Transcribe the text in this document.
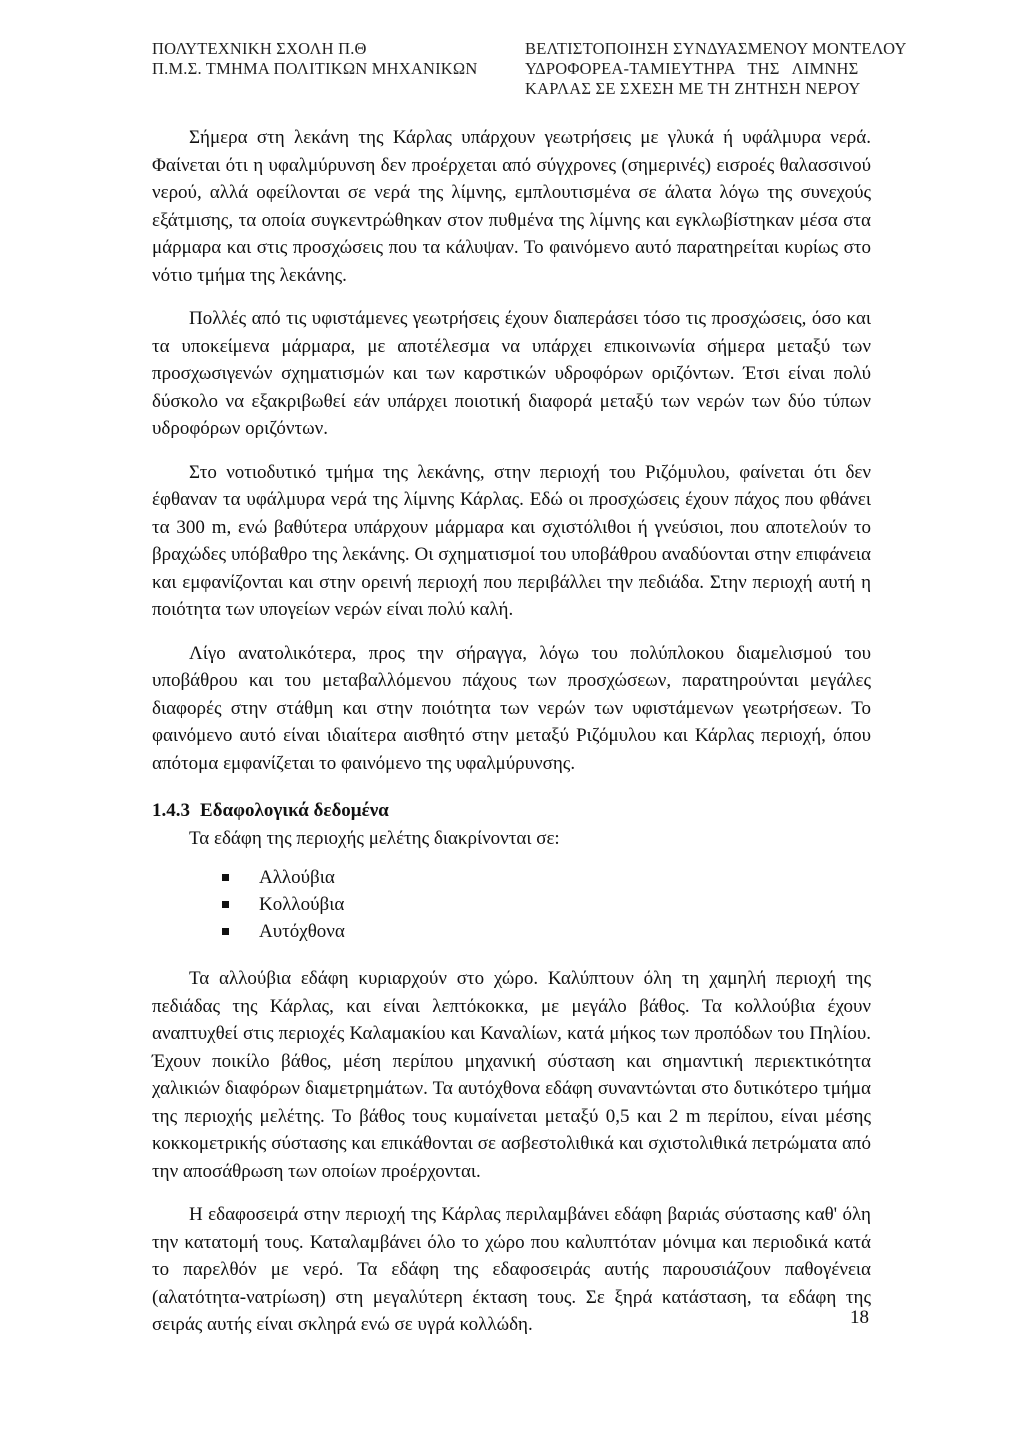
ΠΟΛΥΤΕΧΝΙΚΗ ΣΧΟΛΗ Π.Θ
Π.Μ.Σ. ΤΜΗΜΑ ΠΟΛΙΤΙΚΩΝ ΜΗΧΑΝΙΚΩΝ
ΒΕΛΤΙΣΤΟΠΟΙΗΣΗ ΣΥΝΔΥΑΣΜΕΝΟΥ ΜΟΝΤΕΛΟΥ
ΥΔΡΟΦΟΡΕΑ-ΤΑΜΙΕΥΤΗΡΑ   ΤΗΣ   ΛΙΜΝΗΣ
ΚΑΡΛΑΣ ΣΕ ΣΧΕΣΗ ΜΕ ΤΗ ΖΗΤΗΣΗ ΝΕΡΟΥ

Σήμερα στη λεκάνη της Κάρλας υπάρχουν γεωτρήσεις με γλυκά ή υφάλμυρα νερά. Φαίνεται ότι η υφαλμύρυνση δεν προέρχεται από σύγχρονες (σημερινές) εισροές θαλασσινού νερού, αλλά οφείλονται σε νερά της λίμνης, εμπλουτισμένα σε άλατα λόγω της συνεχούς εξάτμισης, τα οποία συγκεντρώθηκαν στον πυθμένα της λίμνης και εγκλωβίστηκαν μέσα στα μάρμαρα και στις προσχώσεις που τα κάλυψαν. Το φαινόμενο αυτό παρατηρείται κυρίως στο νότιο τμήμα της λεκάνης.

Πολλές από τις υφιστάμενες γεωτρήσεις έχουν διαπεράσει τόσο τις προσχώσεις, όσο και τα υποκείμενα μάρμαρα, με αποτέλεσμα να υπάρχει επικοινωνία σήμερα μεταξύ των προσχωσιγενών σχηματισμών και των καρστικών υδροφόρων οριζόντων. Έτσι είναι πολύ δύσκολο να εξακριβωθεί εάν υπάρχει ποιοτική διαφορά μεταξύ των νερών των δύο τύπων υδροφόρων οριζόντων.

Στο νοτιοδυτικό τμήμα της λεκάνης, στην περιοχή του Ριζόμυλου, φαίνεται ότι δεν έφθαναν τα υφάλμυρα νερά της λίμνης Κάρλας. Εδώ οι προσχώσεις έχουν πάχος που φθάνει τα 300 m, ενώ βαθύτερα υπάρχουν μάρμαρα και σχιστόλιθοι ή γνεύσιοι, που αποτελούν το βραχώδες υπόβαθρο της λεκάνης. Οι σχηματισμοί του υποβάθρου αναδύονται στην επιφάνεια και εμφανίζονται και στην ορεινή περιοχή που περιβάλλει την πεδιάδα. Στην περιοχή αυτή η ποιότητα των υπογείων νερών είναι πολύ καλή.

Λίγο ανατολικότερα, προς την σήραγγα, λόγω του πολύπλοκου διαμελισμού του υποβάθρου και του μεταβαλλόμενου πάχους των προσχώσεων, παρατηρούνται μεγάλες διαφορές στην στάθμη και στην ποιότητα των νερών των υφιστάμενων γεωτρήσεων. Το φαινόμενο αυτό είναι ιδιαίτερα αισθητό στην μεταξύ Ριζόμυλου και Κάρλας περιοχή, όπου απότομα εμφανίζεται το φαινόμενο της υφαλμύρυνσης.

1.4.3 Εδαφολογικά δεδομένα
Τα εδάφη της περιοχής μελέτης διακρίνονται σε:
Αλλούβια
Κολλούβια
Αυτόχθονα

Τα αλλούβια εδάφη κυριαρχούν στο χώρο. Καλύπτουν όλη τη χαμηλή περιοχή της πεδιάδας της Κάρλας, και είναι λεπτόκοκκα, με μεγάλο βάθος. Τα κολλούβια έχουν αναπτυχθεί στις περιοχές Καλαμακίου και Καναλίων, κατά μήκος των προπόδων του Πηλίου. Έχουν ποικίλο βάθος, μέση περίπου μηχανική σύσταση και σημαντική περιεκτικότητα χαλικιών διαφόρων διαμετρημάτων. Τα αυτόχθονα εδάφη συναντώνται στο δυτικότερο τμήμα της περιοχής μελέτης. Το βάθος τους κυμαίνεται μεταξύ 0,5 και 2 m περίπου, είναι μέσης κοκκομετρικής σύστασης και επικάθονται σε ασβεστολιθικά και σχιστολιθικά πετρώματα από την αποσάθρωση των οποίων προέρχονται.

Η εδαφοσειρά στην περιοχή της Κάρλας περιλαμβάνει εδάφη βαριάς σύστασης καθ' όλη την κατατομή τους. Καταλαμβάνει όλο το χώρο που καλυπτόταν μόνιμα και περιοδικά κατά το παρελθόν με νερό. Τα εδάφη της εδαφοσειράς αυτής παρουσιάζουν παθογένεια (αλατότητα-νατρίωση) στη μεγαλύτερη έκταση τους. Σε ξηρά κατάσταση, τα εδάφη της σειράς αυτής είναι σκληρά ενώ σε υγρά κολλώδη.	18
